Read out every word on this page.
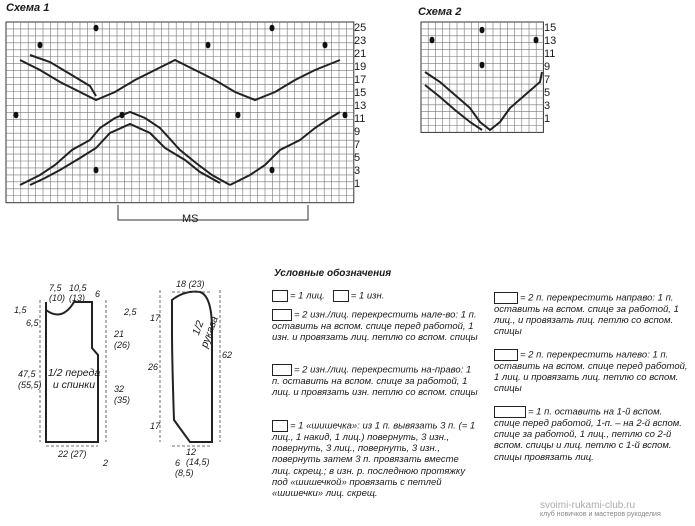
Схема 1	Схема 2
25
23
21
19
17
15
13
11
9
7
5
3
1
15
13
11
9
7
5
3
1
MS
Условные обозначения
= 1 лиц.	= 1 изн.
= 2 изн./лиц. перекрестить нале-во: 1 п. оставить на вспом. спице перед работой, 1 изн. и провязать лиц. петлю со вспом. спицы
= 2 изн./лиц. перекрестить на-право: 1 п. оставить на вспом. спице за работой, 1 лиц. и провязать изн. петлю со вспом. спицы
= 1 «шишечка»: из 1 п. вывязать 3 п. (= 1 лиц., 1 накид, 1 лиц.) повернуть, 3 изн., повернуть, 3 лиц., повернуть, 3 изн., повернуть затем 3 п. провязать вместе лиц. скрещ.; в изн. р. последнюю протяжку под «шишечкой» провязать с петлей «шишечки» лиц. скрещ.
= 2 п. перекрестить направо: 1 п. оставить на вспом. спице за работой, 1 лиц., и провязать лиц. петлю со вспом. спицы
= 2 п. перекрестить налево: 1 п. оставить на вспом. спице перед работой, 1 лиц. и провязать лиц. петлю со вспом. спицы
= 1 п. оставить на 1-й вспом. спице перед работой, 1-п. – на 2-й вспом. спице за работой, 1 лиц., петлю со 2-й вспом. спицы и лиц. петлю с 1-й вспом. спицы провязать лиц.
7,5
(10)
10,5
(13) 6
1,5
6,5
2,5
21
(26)
47,5
(55,5)	32
(35)
22 (27)
2
1/2 переда и спинки
18 (23)
17
26
62
17
12
(14,5)
6
(8,5)
1/2 рукава
svoimi-rukami-club.ru
клуб новичков и мастеров рукоделия
